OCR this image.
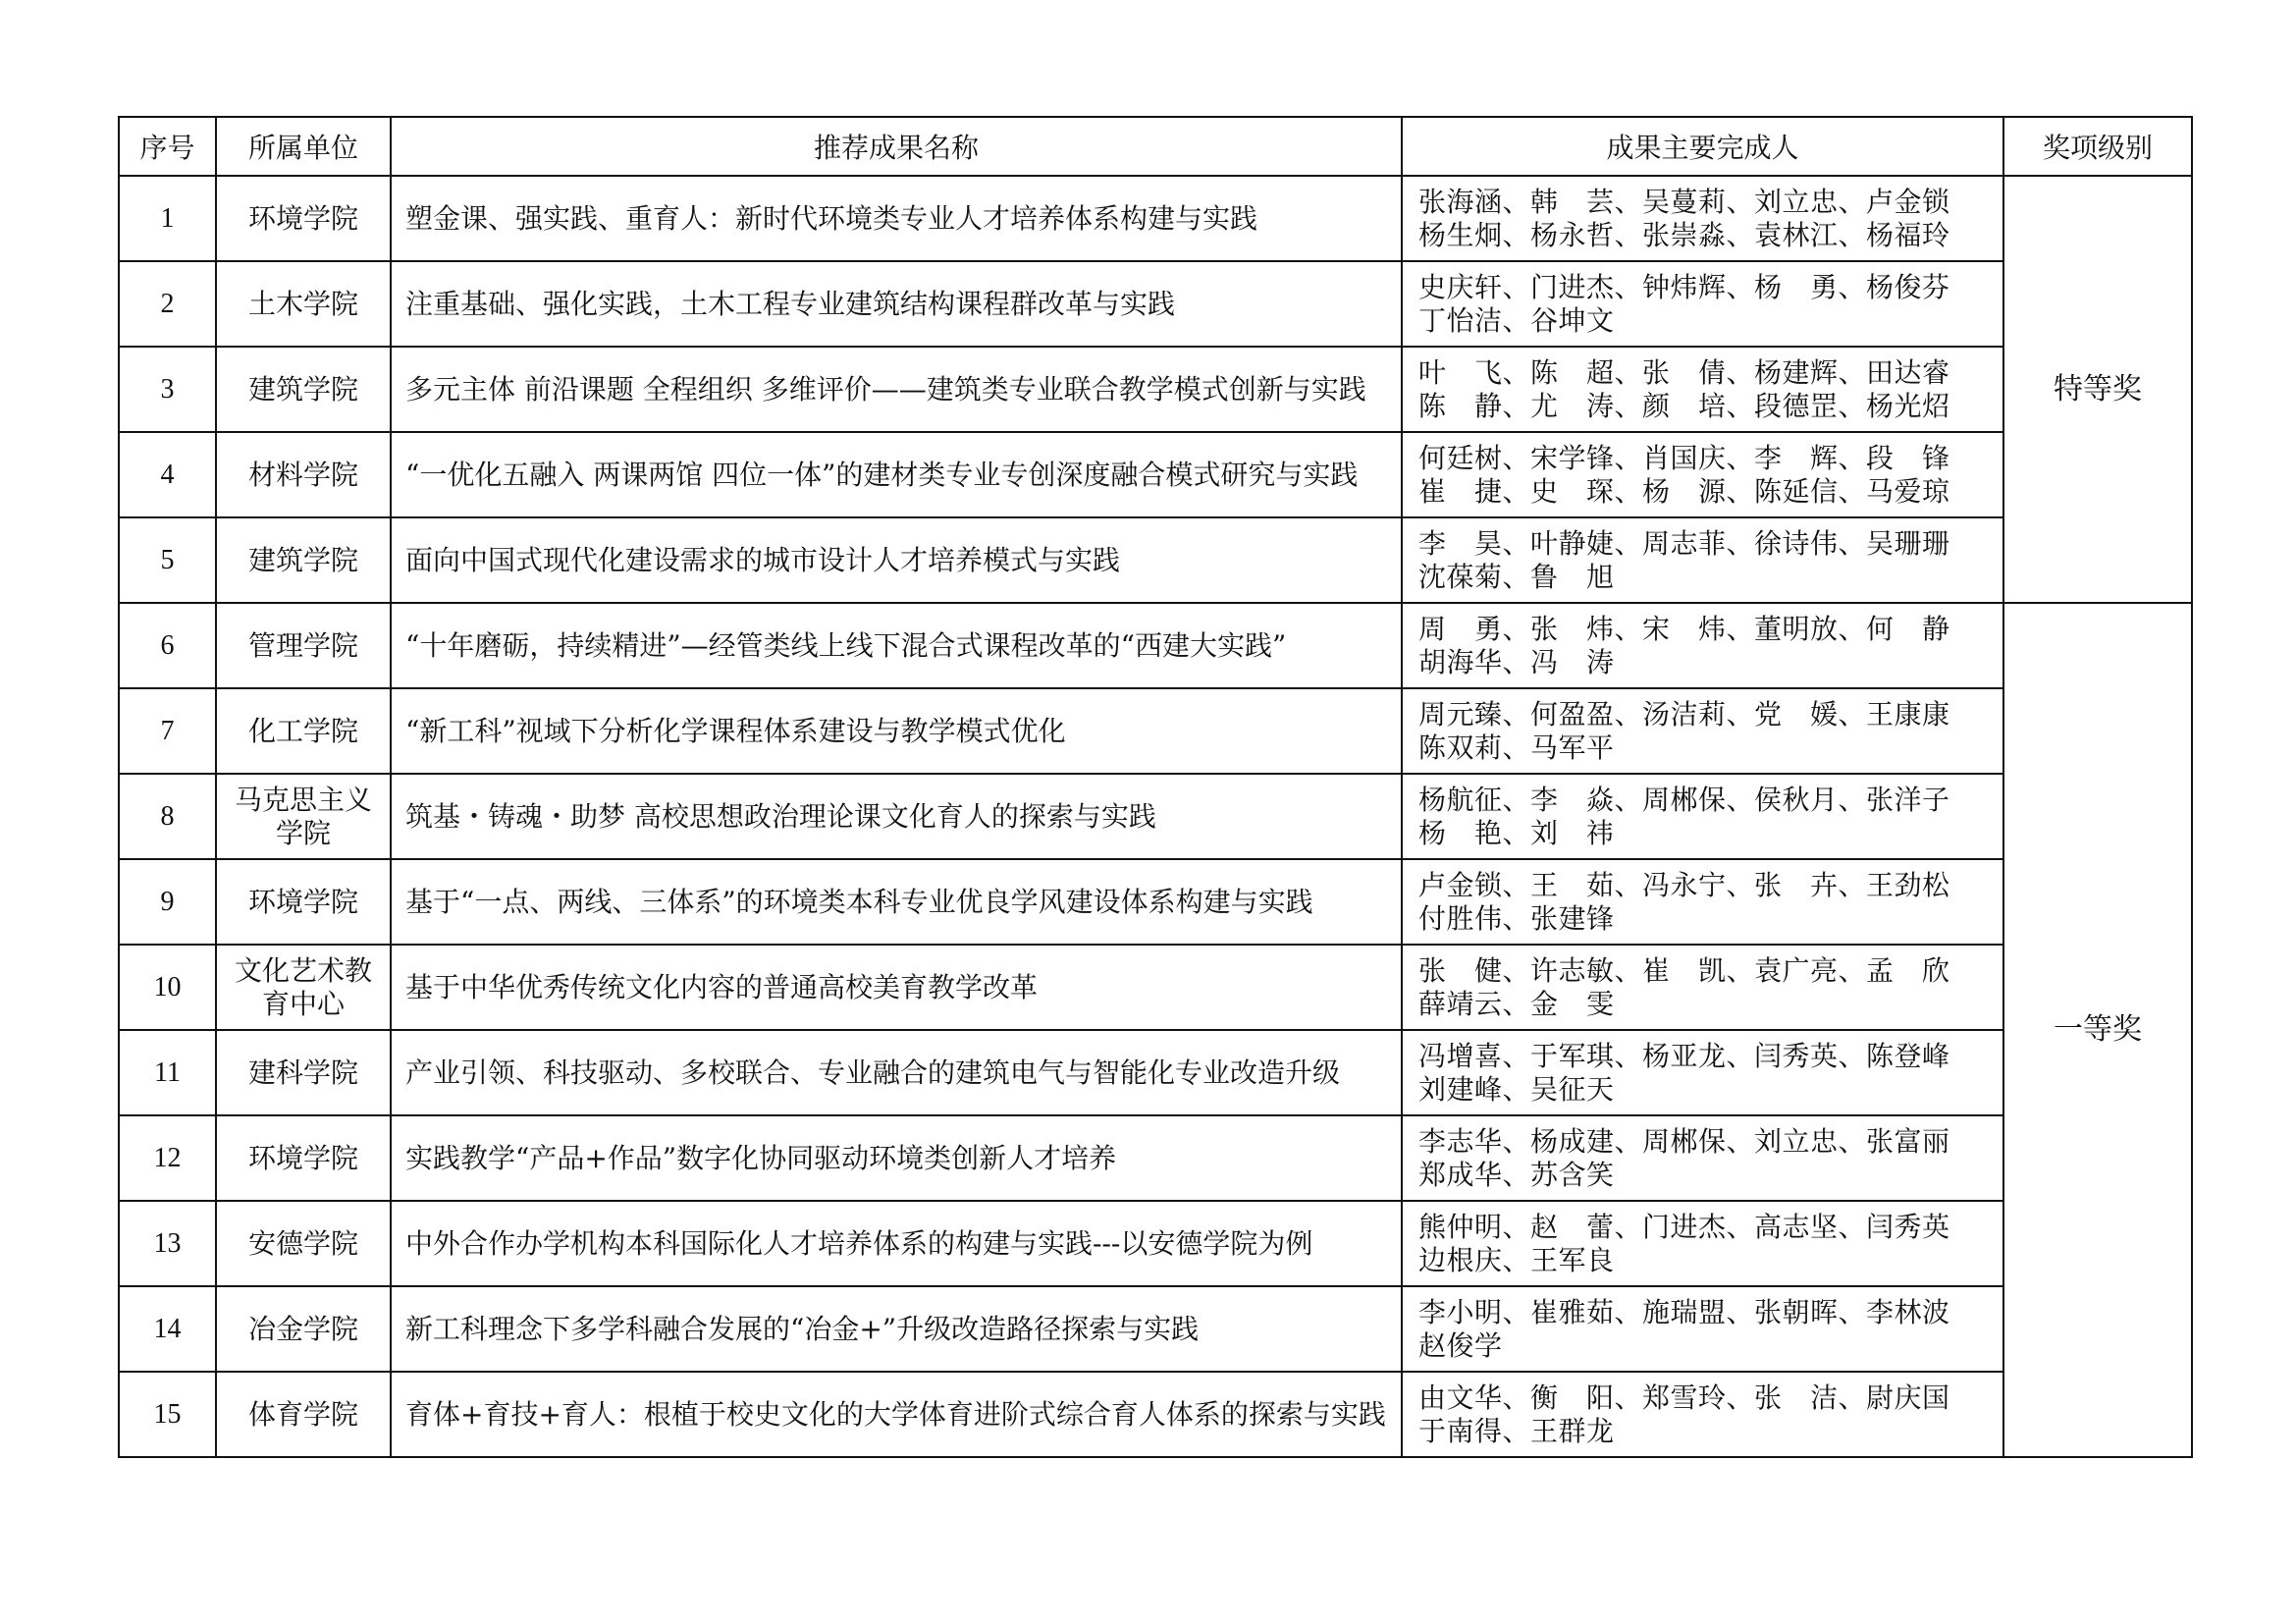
序号	所属单位	推荐成果名称	成果主要完成人	奖项级别
1	环境学院	塑金课、强实践、重育人：新时代环境类专业人才培养体系构建与实践	张海涵、韩　芸、吴蔓莉、刘立忠、卢金锁
杨生炯、杨永哲、张崇淼、袁林江、杨福玲	特等奖
2	土木学院	注重基础、强化实践，土木工程专业建筑结构课程群改革与实践	史庆轩、门进杰、钟炜辉、杨　勇、杨俊芬
丁怡洁、谷坤文	
3	建筑学院	多元主体 前沿课题 全程组织 多维评价——建筑类专业联合教学模式创新与实践	叶　飞、陈　超、张　倩、杨建辉、田达睿
陈　静、尤　涛、颜　培、段德罡、杨光炤	
4	材料学院	“一优化五融入 两课两馆 四位一体”的建材类专业专创深度融合模式研究与实践	何廷树、宋学锋、肖国庆、李　辉、段　锋
崔　捷、史　琛、杨　源、陈延信、马爱琼	
5	建筑学院	面向中国式现代化建设需求的城市设计人才培养模式与实践	李　昊、叶静婕、周志菲、徐诗伟、吴珊珊
沈葆菊、鲁　旭	
6	管理学院	“十年磨砺，持续精进”—经管类线上线下混合式课程改革的“西建大实践”	周　勇、张　炜、宋　炜、董明放、何　静
胡海华、冯　涛	一等奖
7	化工学院	“新工科”视域下分析化学课程体系建设与教学模式优化	周元臻、何盈盈、汤洁莉、党　媛、王康康
陈双莉、马军平	
8	马克思主义学院	筑基・铸魂・助梦 高校思想政治理论课文化育人的探索与实践	杨航征、李　焱、周郴保、侯秋月、张洋子
杨　艳、刘　祎	
9	环境学院	基于“一点、两线、三体系”的环境类本科专业优良学风建设体系构建与实践	卢金锁、王　茹、冯永宁、张　卉、王劲松
付胜伟、张建锋	
10	文化艺术教育中心	基于中华优秀传统文化内容的普通高校美育教学改革	张　健、许志敏、崔　凯、袁广亮、孟　欣
薛靖云、金　雯	
11	建科学院	产业引领、科技驱动、多校联合、专业融合的建筑电气与智能化专业改造升级	冯增喜、于军琪、杨亚龙、闫秀英、陈登峰
刘建峰、吴征天	
12	环境学院	实践教学“产品+作品”数字化协同驱动环境类创新人才培养	李志华、杨成建、周郴保、刘立忠、张富丽
郑成华、苏含笑	
13	安德学院	中外合作办学机构本科国际化人才培养体系的构建与实践---以安德学院为例	熊仲明、赵　蕾、门进杰、高志坚、闫秀英
边根庆、王军良	
14	冶金学院	新工科理念下多学科融合发展的“冶金+”升级改造路径探索与实践	李小明、崔雅茹、施瑞盟、张朝晖、李林波
赵俊学	
15	体育学院	育体+育技+育人：根植于校史文化的大学体育进阶式综合育人体系的探索与实践	由文华、衡　阳、郑雪玲、张　洁、尉庆国
于南得、王群龙	
